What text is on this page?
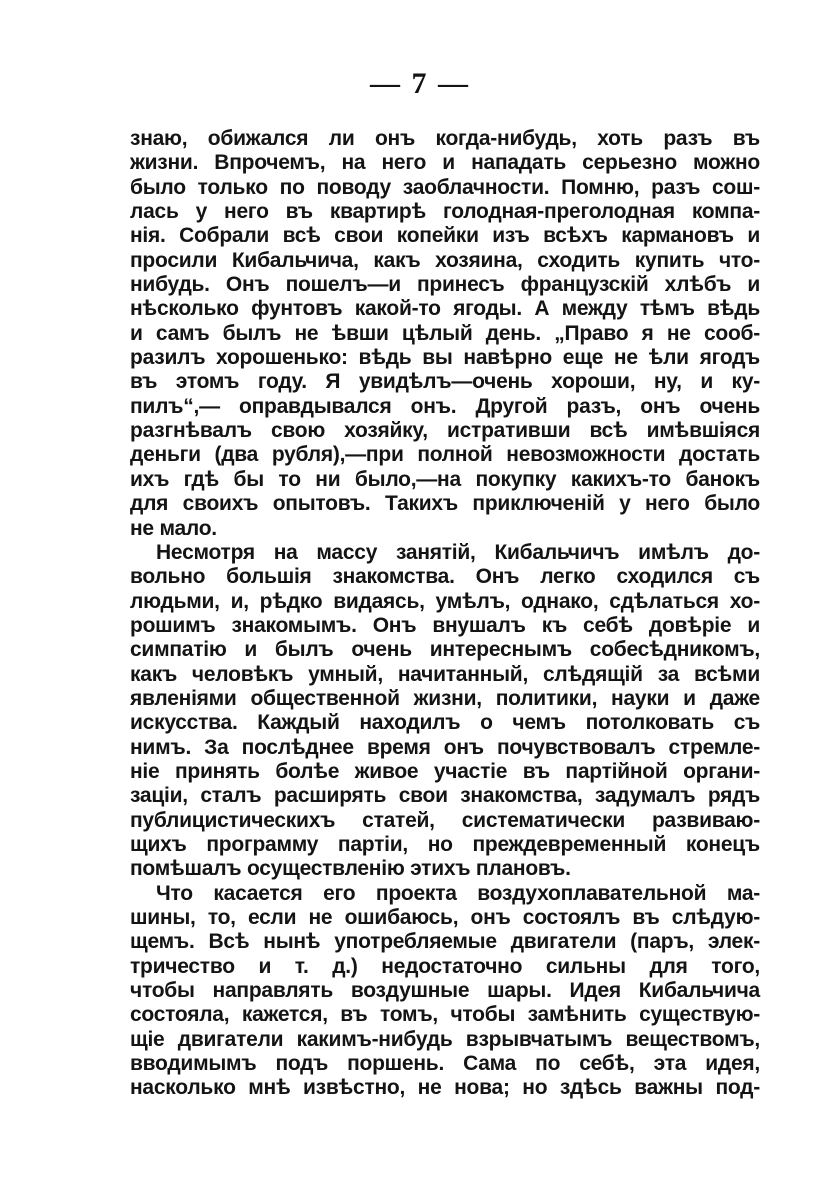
— 7 —
знаю, обижался ли онъ когда-нибудь, хоть разъ въ
жизни. Впрочемъ, на него и нападать серьезно можно
было только по поводу заоблачности. Помню, разъ сош-
лась у него въ квартирѣ голодная-преголодная компа-
нія. Собрали всѣ свои копейки изъ всѣхъ кармановъ и
просили Кибальчича, какъ хозяина, сходить купить что-
нибудь. Онъ пошелъ—и принесъ французскій хлѣбъ и
нѣсколько фунтовъ какой-то ягоды. А между тѣмъ вѣдь
и самъ былъ не ѣвши цѣлый день. „Право я не сооб-
разилъ хорошенько: вѣдь вы навѣрно еще не ѣли ягодъ
въ этомъ году. Я увидѣлъ—очень хороши, ну, и ку-
пилъ“,— оправдывался онъ. Другой разъ, онъ очень
разгнѣвалъ свою хозяйку, истративши всѣ имѣвшiяся
деньги (два рубля),—при полной невозможности достать
ихъ гдѣ бы то ни было,—на покупку какихъ-то банокъ
для своихъ опытовъ. Такихъ приключеній у него было
не мало.
Несмотря на массу занятій, Кибальчичъ имѣлъ до-
вольно большія знакомства. Онъ легко сходился съ
людьми, и, рѣдко видаясь, умѣлъ, однако, сдѣлаться хо-
рошимъ знакомымъ. Онъ внушалъ къ себѣ довѣріе и
симпатію и былъ очень интереснымъ собесѣдникомъ,
какъ человѣкъ умный, начитанный, слѣдящій за всѣми
явленіями общественной жизни, политики, науки и даже
искусства. Каждый находилъ о чемъ потолковать съ
нимъ. За послѣднее время онъ почувствовалъ стремле-
ніе принять болѣе живое участіе въ партійной органи-
заціи, сталъ расширять свои знакомства, задумалъ рядъ
публицистическихъ статей, систематически развиваю-
щихъ программу партіи, но преждевременный конецъ
помѣшалъ осуществленію этихъ плановъ.
Что касается его проекта воздухоплавательной ма-
шины, то, если не ошибаюсь, онъ состоялъ въ слѣдую-
щемъ. Всѣ нынѣ употребляемые двигатели (паръ, элек-
тричество и т. д.) недостаточно сильны для того,
чтобы направлять воздушные шары. Идея Кибальчича
состояла, кажется, въ томъ, чтобы замѣнить существую-
щіе двигатели какимъ-нибудь взрывчатымъ веществомъ,
вводимымъ подъ поршень. Сама по себѣ, эта идея,
насколько мнѣ извѣстно, не нова; но здѣсь важны под-
